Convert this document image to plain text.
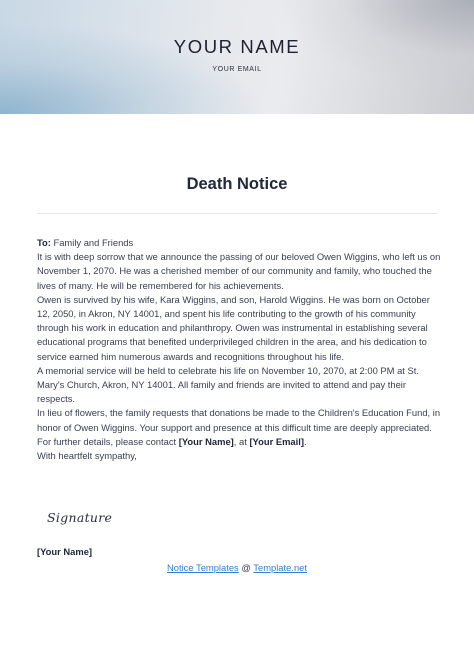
YOUR NAME
YOUR EMAIL
Death Notice

To: Family and Friends

It is with deep sorrow that we announce the passing of our beloved Owen Wiggins, who left us on November 1, 2070. He was a cherished member of our community and family, who touched the lives of many. He will be remembered for his achievements.

Owen is survived by his wife, Kara Wiggins, and son, Harold Wiggins. He was born on October 12, 2050, in Akron, NY 14001, and spent his life contributing to the growth of his community through his work in education and philanthropy. Owen was instrumental in establishing several educational programs that benefited underprivileged children in the area, and his dedication to service earned him numerous awards and recognitions throughout his life.

A memorial service will be held to celebrate his life on November 10, 2070, at 2:00 PM at St. Mary's Church, Akron, NY 14001. All family and friends are invited to attend and pay their respects.

In lieu of flowers, the family requests that donations be made to the Children's Education Fund, in honor of Owen Wiggins. Your support and presence at this difficult time are deeply appreciated.

For further details, please contact [Your Name], at [Your Email].

With heartfelt sympathy,

Signature
[Your Name]
Notice Templates @ Template.net
